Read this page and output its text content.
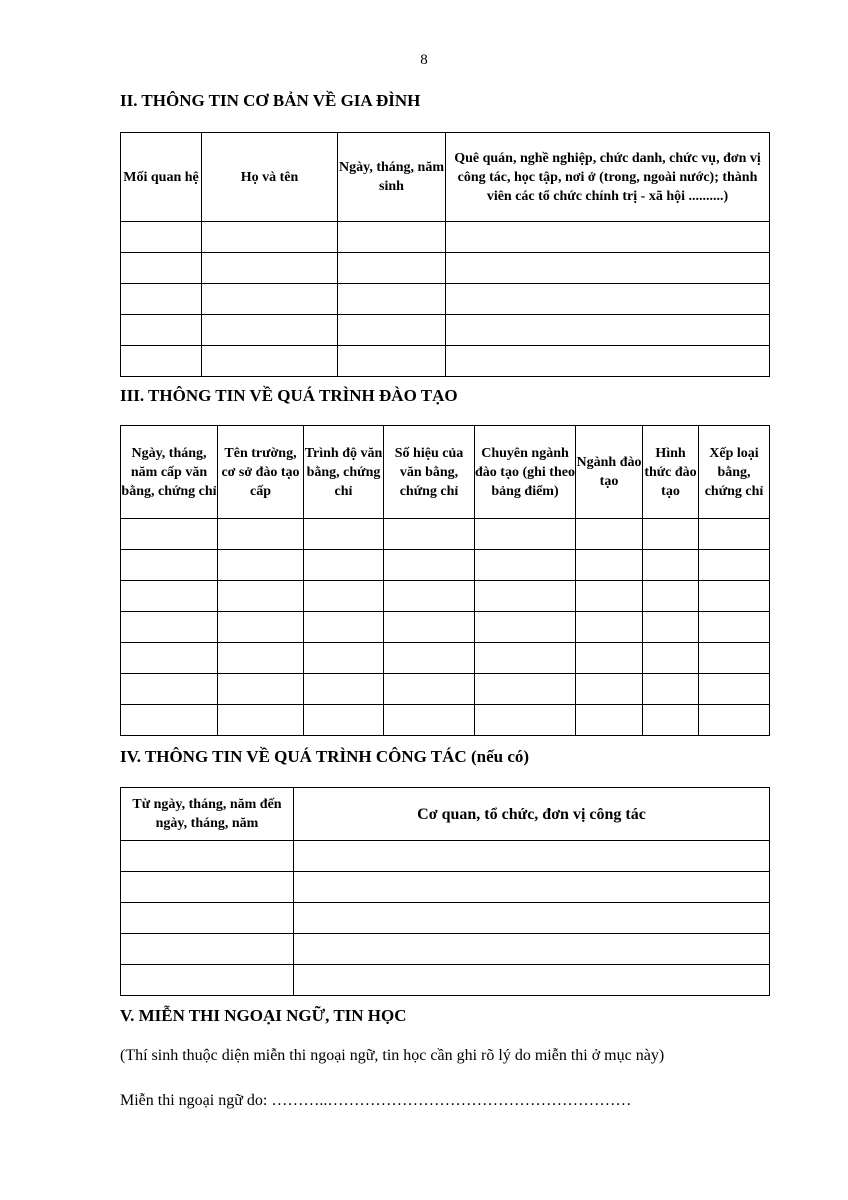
8
II. THÔNG TIN CƠ BẢN VỀ GIA ĐÌNH
Mối quan hệ	Họ và tên	Ngày, tháng, năm sinh	Quê quán, nghề nghiệp, chức danh, chức vụ, đơn vị công tác, học tập, nơi ở (trong, ngoài nước); thành viên các tổ chức chính trị - xã hội ..........)

III. THÔNG TIN VỀ QUÁ TRÌNH ĐÀO TẠO
Ngày, tháng, năm cấp văn bằng, chứng chỉ	Tên trường, cơ sở đào tạo cấp	Trình độ văn bằng, chứng chỉ	Số hiệu của văn bằng, chứng chỉ	Chuyên ngành đào tạo (ghi theo bảng điểm)	Ngành đào tạo	Hình thức đào tạo	Xếp loại bằng, chứng chỉ

IV. THÔNG TIN VỀ QUÁ TRÌNH CÔNG TÁC (nếu có)
Từ ngày, tháng, năm đến ngày, tháng, năm	Cơ quan, tổ chức, đơn vị công tác

V. MIỄN THI NGOẠI NGỮ, TIN HỌC

(Thí sinh thuộc diện miễn thi ngoại ngữ, tin học cần ghi rõ lý do miễn thi ở mục này)

Miễn thi ngoại ngữ do: ………..…………………………………………………
